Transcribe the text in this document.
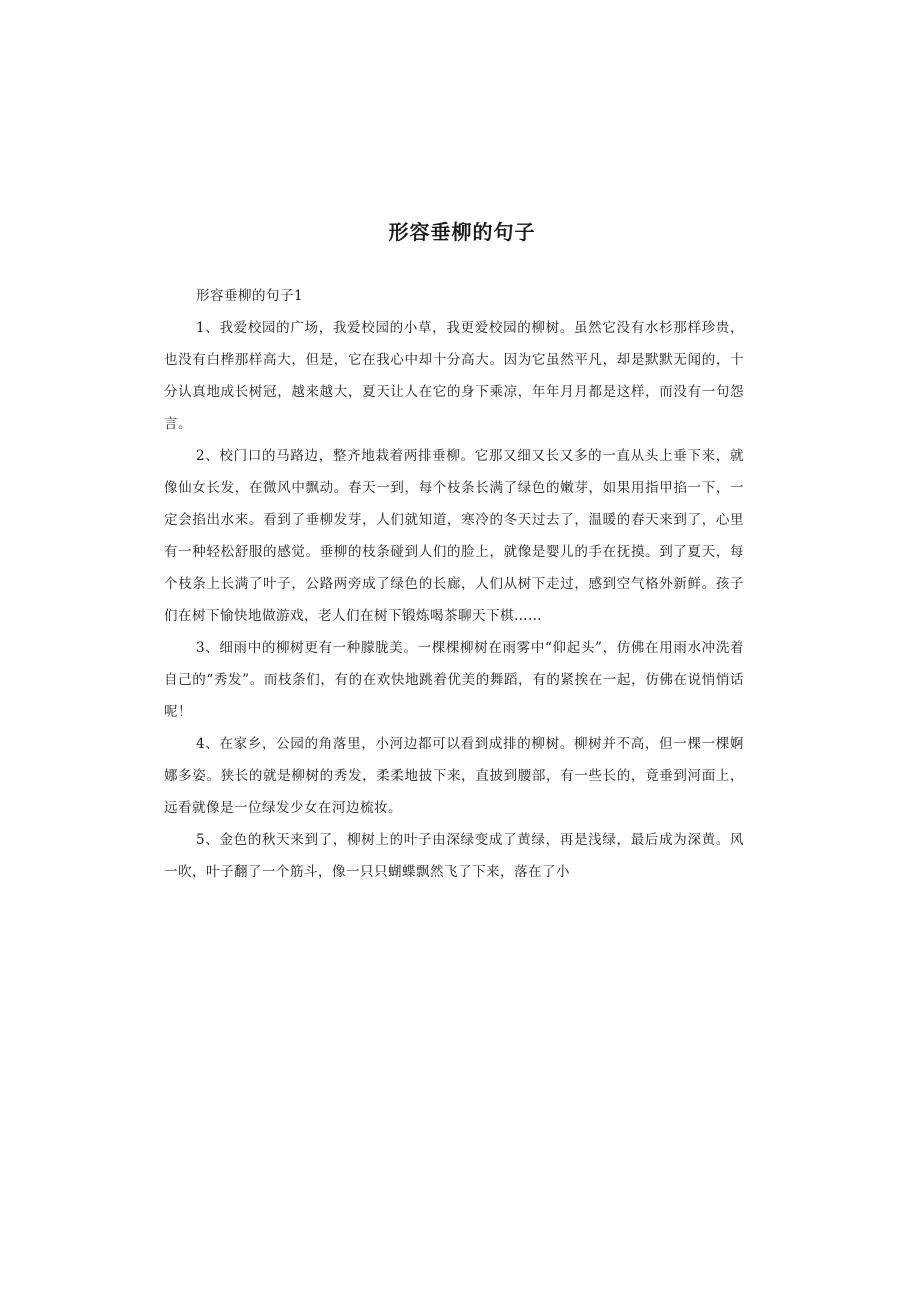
形容垂柳的句子

形容垂柳的句子1

1、我爱校园的广场，我爱校园的小草，我更爱校园的柳树。虽然它没有水杉那样珍贵，也没有白桦那样高大，但是，它在我心中却十分高大。因为它虽然平凡，却是默默无闻的，十分认真地成长树冠，越来越大，夏天让人在它的身下乘凉，年年月月都是这样，而没有一句怨言。

2、校门口的马路边，整齐地栽着两排垂柳。它那又细又长又多的一直从头上垂下来，就像仙女长发，在微风中飘动。春天一到，每个枝条长满了绿色的嫩芽，如果用指甲掐一下，一定会掐出水来。看到了垂柳发芽，人们就知道，寒冷的冬天过去了，温暖的春天来到了，心里有一种轻松舒服的感觉。垂柳的枝条碰到人们的脸上，就像是婴儿的手在抚摸。到了夏天，每个枝条上长满了叶子，公路两旁成了绿色的长廊，人们从树下走过，感到空气格外新鲜。孩子们在树下愉快地做游戏，老人们在树下锻炼喝茶聊天下棋……

3、细雨中的柳树更有一种朦胧美。一棵棵柳树在雨雾中“仰起头”，仿佛在用雨水冲洗着自己的“秀发”。而枝条们，有的在欢快地跳着优美的舞蹈，有的紧挨在一起，仿佛在说悄悄话呢！

4、在家乡，公园的角落里，小河边都可以看到成排的柳树。柳树并不高，但一棵一棵婀娜多姿。狭长的就是柳树的秀发，柔柔地披下来，直披到腰部，有一些长的，竟垂到河面上，远看就像是一位绿发少女在河边梳妆。

5、金色的秋天来到了，柳树上的叶子由深绿变成了黄绿，再是浅绿，最后成为深黄。风一吹，叶子翻了一个筋斗，像一只只蝴蝶飘然飞了下来，落在了小
